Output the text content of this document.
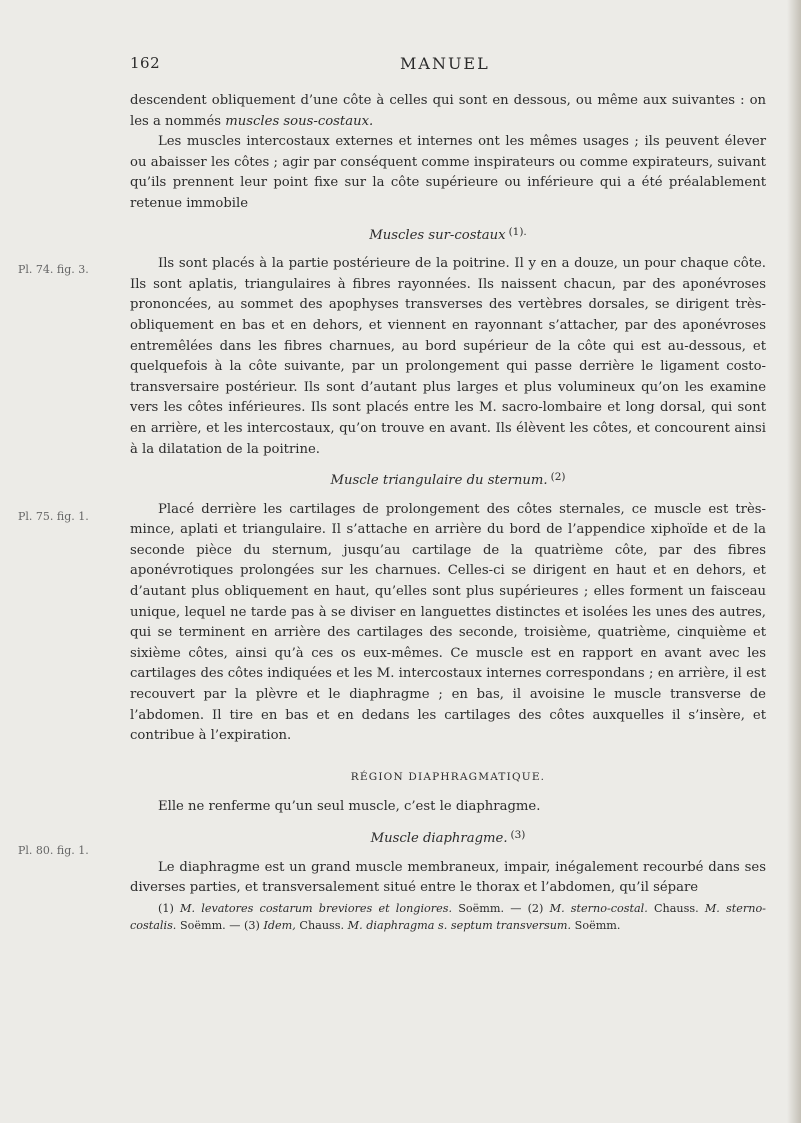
162	MANUEL
Pl. 74. fig. 3.
Pl. 75. fig. 1.
Pl. 80. fig. 1.

descendent obliquement d’une côte à celles qui sont en dessous, ou même aux suivantes : on les a nommés muscles sous-costaux.

Les muscles intercostaux externes et internes ont les mêmes usages ; ils peuvent élever ou abaisser les côtes ; agir par conséquent comme inspirateurs ou comme expirateurs, suivant qu’ils prennent leur point fixe sur la côte supérieure ou inférieure qui a été préalablement retenue immobile

Muscles sur-costaux $^{(1).}$

Ils sont placés à la partie postérieure de la poitrine. Il y en a douze, un pour chaque côte. Ils sont aplatis, triangulaires à fibres rayonnées. Ils naissent chacun, par des aponévroses prononcées, au sommet des apophyses transverses des vertèbres dorsales, se dirigent très-obliquement en bas et en dehors, et viennent en rayonnant s’attacher, par des aponévroses entremêlées dans les fibres charnues, au bord supérieur de la côte qui est au-dessous, et quelquefois à la côte suivante, par un prolongement qui passe derrière le ligament costo-transversaire postérieur. Ils sont d’autant plus larges et plus volumineux qu’on les examine vers les côtes inférieures. Ils sont placés entre les M. sacro-lombaire et long dorsal, qui sont en arrière, et les intercostaux, qu’on trouve en avant. Ils élèvent les côtes, et concourent ainsi à la dilatation de la poitrine.

Muscle triangulaire du sternum. $^{(2)}$

Placé derrière les cartilages de prolongement des côtes sternales, ce muscle est très-mince, aplati et triangulaire. Il s’attache en arrière du bord de l’appendice xiphoïde et de la seconde pièce du sternum, jusqu’au cartilage de la quatrième côte, par des fibres aponévrotiques prolongées sur les charnues. Celles-ci se dirigent en haut et en dehors, et d’autant plus obliquement en haut, qu’elles sont plus supérieures ; elles forment un faisceau unique, lequel ne tarde pas à se diviser en languettes distinctes et isolées les unes des autres, qui se terminent en arrière des cartilages des seconde, troisième, quatrième, cinquième et sixième côtes, ainsi qu’à ces os eux-mêmes. Ce muscle est en rapport en avant avec les cartilages des côtes indiquées et les M. intercostaux internes correspondans ; en arrière, il est recouvert par la plèvre et le diaphragme ; en bas, il avoisine le muscle transverse de l’abdomen. Il tire en bas et en dedans les cartilages des côtes auxquelles il s’insère, et contribue à l’expiration.

RÉGION DIAPHRAGMATIQUE.

Elle ne renferme qu’un seul muscle, c’est le diaphragme.

Muscle diaphragme. $^{(3)}$

Le diaphragme est un grand muscle membraneux, impair, inégalement recourbé dans ses diverses parties, et transversalement situé entre le thorax et l’abdomen, qu’il sépare

(1) M. levatores costarum breviores et longiores. Soëmm. — (2) M. sterno-costal. Chauss. M. sterno-costalis. Soëmm. — (3) Idem, Chauss. M. diaphragma s. septum transversum. Soëmm.
